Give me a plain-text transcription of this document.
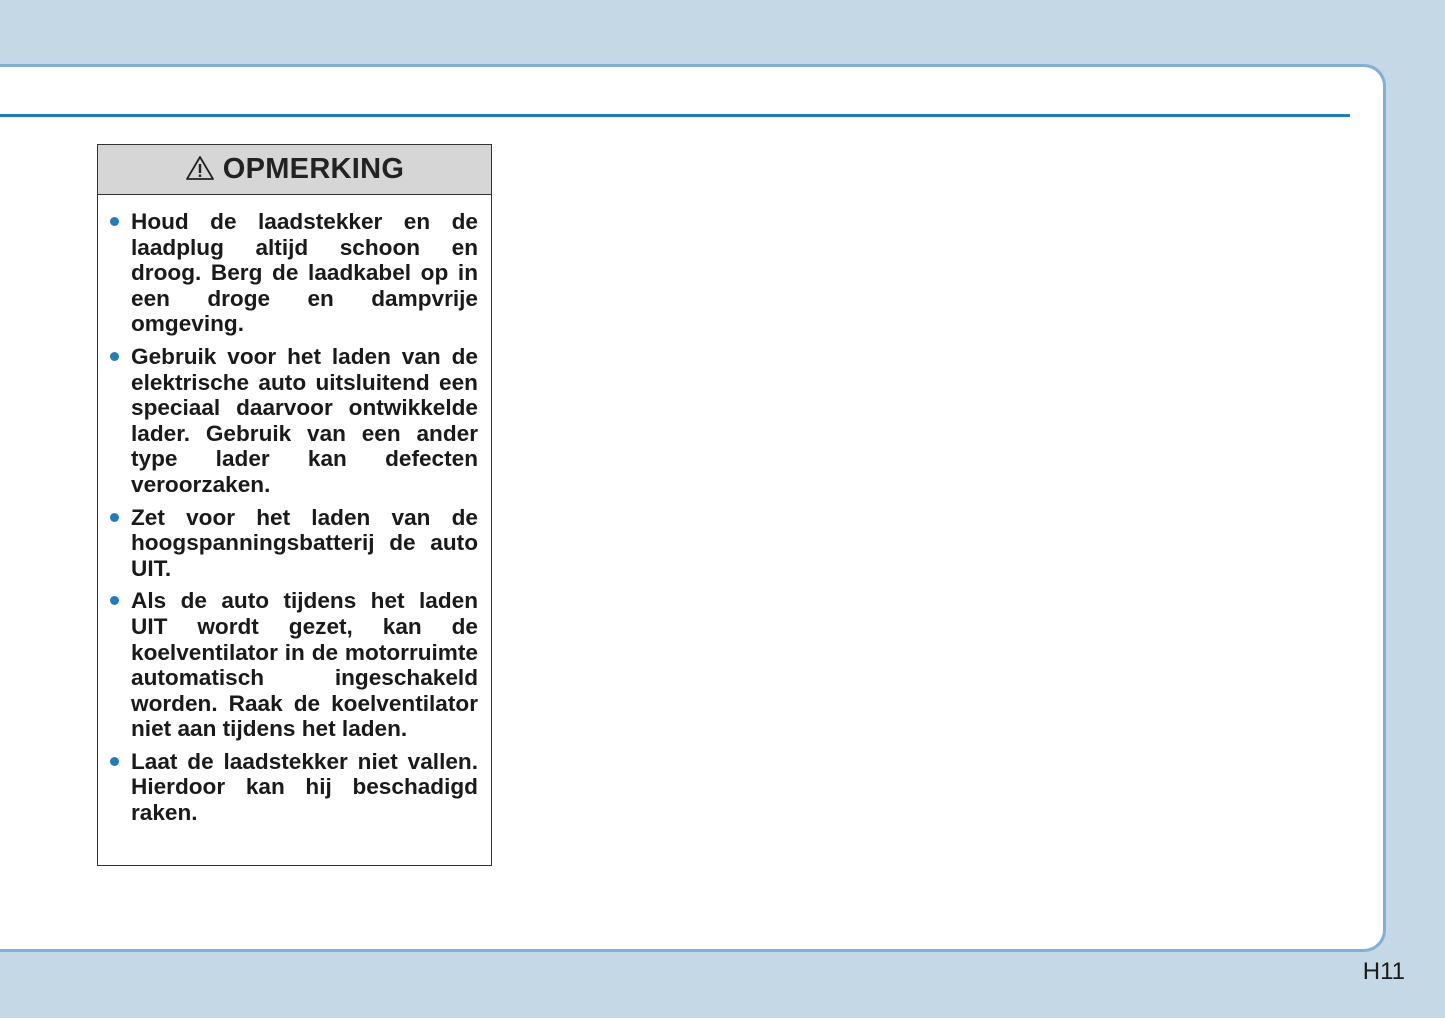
OPMERKING
Houd de laadstekker en de laadplug altijd schoon en droog. Berg de laadkabel op in een droge en dampvrije omgeving.
Gebruik voor het laden van de elektrische auto uitsluitend een speciaal daarvoor ontwikkelde lader. Gebruik van een ander type lader kan defecten veroorzaken.
Zet voor het laden van de hoogspanningsbatterij de auto UIT.
Als de auto tijdens het laden UIT wordt gezet, kan de koelventilator in de motorruimte automatisch ingeschakeld worden. Raak de koelventilator niet aan tijdens het laden.
Laat de laadstekker niet vallen. Hierdoor kan hij beschadigd raken.
H11
